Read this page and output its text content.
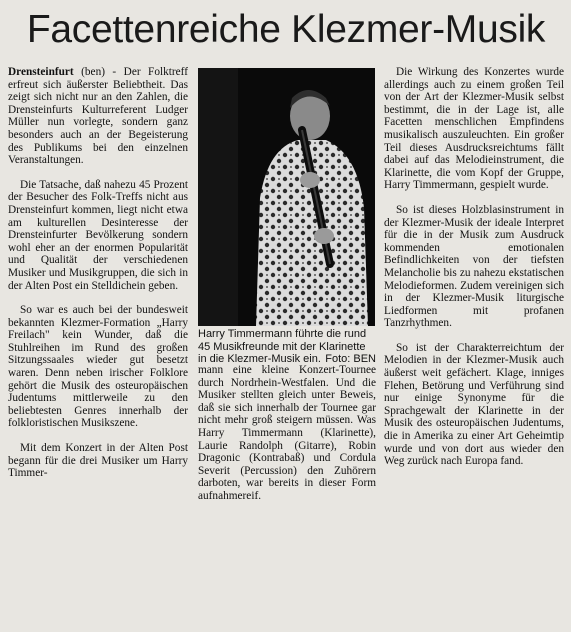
Facettenreiche Klezmer-Musik

Drensteinfurt (ben) - Der Folktreff erfreut sich äußerster Beliebtheit. Das zeigt sich nicht nur an den Zahlen, die Drensteinfurts Kulturreferent Ludger Müller nun vorlegte, sondern ganz besonders auch an der Begeisterung des Publikums bei den einzelnen Veranstaltungen.

Die Tatsache, daß nahezu 45 Prozent der Besucher des Folk-Treffs nicht aus Drensteinfurt kommen, liegt nicht etwa am kulturellen Desinteresse der Drensteinfurter Bevölkerung sondern wohl eher an der enormen Popularität und Qualität der verschiedenen Musiker und Musikgruppen, die sich in der Alten Post ein Stelldichein geben.

So war es auch bei der bundesweit bekannten Klezmer-Formation „Harry Freilach" kein Wunder, daß die Stuhlreihen im Rund des großen Sitzungssaales wieder gut besetzt waren. Denn neben irischer Folklore gehört die Musik des osteuropäischen Judentums mittlerweile zu den beliebtesten Genres innerhalb der folkloristischen Musikszene.

Mit dem Konzert in der Alten Post begann für die drei Musiker um Harry Timmer-

Harry Timmermann führte die rund 45 Musikfreunde mit der Klarinette in die Klezmer-Musik ein. Foto: BEN

mann eine kleine Konzert-Tournee durch Nordrhein-Westfalen. Und die Musiker stellten gleich unter Beweis, daß sie sich innerhalb der Tournee gar nicht mehr groß steigern müssen. Was Harry Timmermann (Klarinette), Laurie Randolph (Gitarre), Robin Dragonic (Kontrabaß) und Cordula Severit (Percussion) den Zuhörern darboten, war bereits in dieser Form aufnahmereif.

Die Wirkung des Konzertes wurde allerdings auch zu einem großen Teil von der Art der Klezmer-Musik selbst bestimmt, die in der Lage ist, alle Facetten menschlichen Empfindens musikalisch auszuleuchten. Ein großer Teil dieses Ausdrucksreichtums fällt dabei auf das Melodieinstrument, die Klarinette, die vom Kopf der Gruppe, Harry Timmermann, gespielt wurde.

So ist dieses Holzblasinstrument in der Klezmer-Musik der ideale Interpret für die in der Musik zum Ausdruck kommenden emotionalen Befindlichkeiten von der tiefsten Melancholie bis zu nahezu ekstatischen Melodieformen. Zudem vereinigen sich in der Klezmer-Musik liturgische Liedformen mit profanen Tanzrhythmen.

So ist der Charakterreichtum der Melodien in der Klezmer-Musik auch äußerst weit gefächert. Klage, inniges Flehen, Betörung und Verführung sind nur einige Synonyme für die Sprachgewalt der Klarinette in der Musik des osteuropäischen Judentums, die in Amerika zu einer Art Geheimtip wurde und von dort aus wieder den Weg zurück nach Europa fand.
